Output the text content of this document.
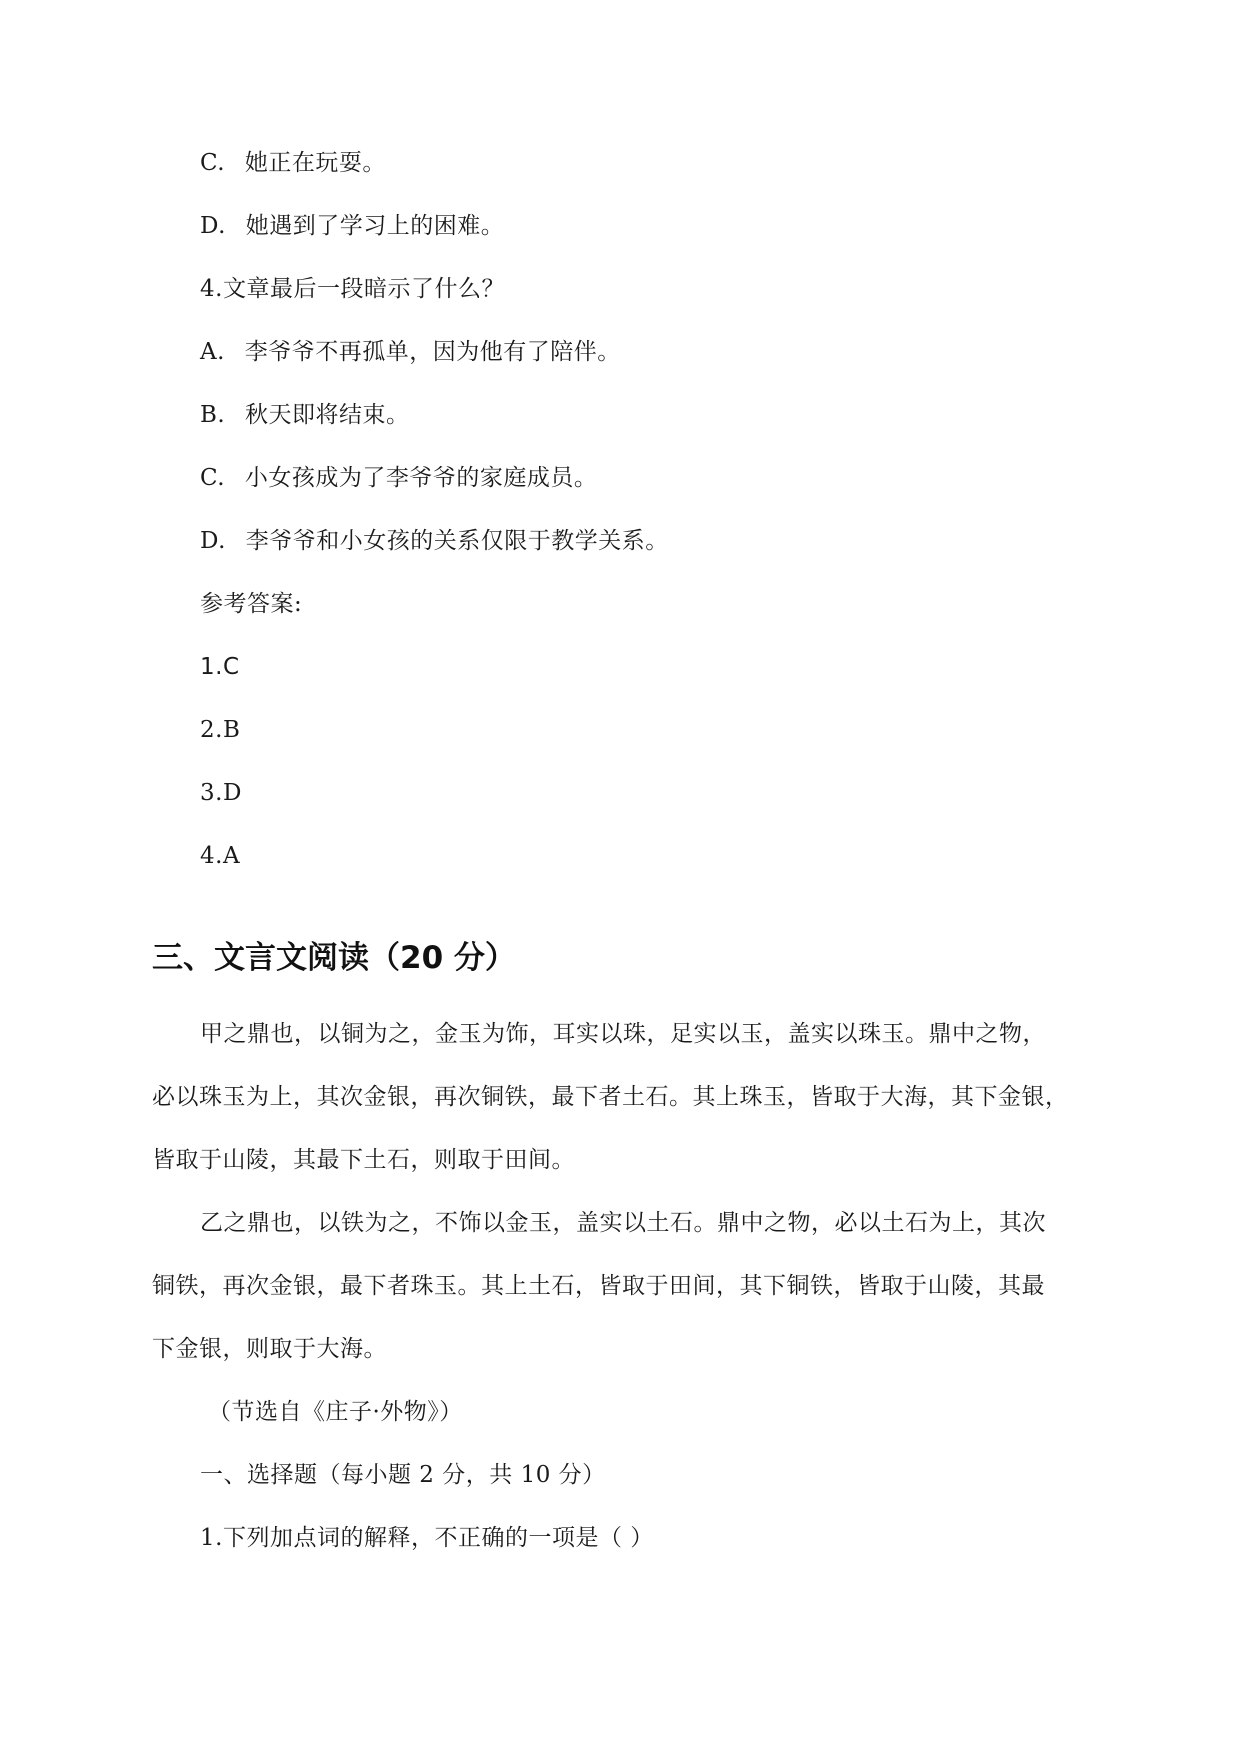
C. 她正在玩耍。
D. 她遇到了学习上的困难。
4.文章最后一段暗示了什么？
A. 李爷爷不再孤单，因为他有了陪伴。
B. 秋天即将结束。
C. 小女孩成为了李爷爷的家庭成员。
D. 李爷爷和小女孩的关系仅限于教学关系。
参考答案:
1.C
2.B
3.D
4.A
三、文言文阅读（20 分）
甲之鼎也，以铜为之，金玉为饰，耳实以珠，足实以玉，盖实以珠玉。鼎中之物，
必以珠玉为上，其次金银，再次铜铁，最下者土石。其上珠玉，皆取于大海，其下金银，
皆取于山陵，其最下土石，则取于田间。
乙之鼎也，以铁为之，不饰以金玉，盖实以土石。鼎中之物，必以土石为上，其次
铜铁，再次金银，最下者珠玉。其上土石，皆取于田间，其下铜铁，皆取于山陵，其最
下金银，则取于大海。
（节选自《庄子·外物》）
一、选择题（每小题 2 分，共 10 分）
1.下列加点词的解释，不正确的一项是（ ）
